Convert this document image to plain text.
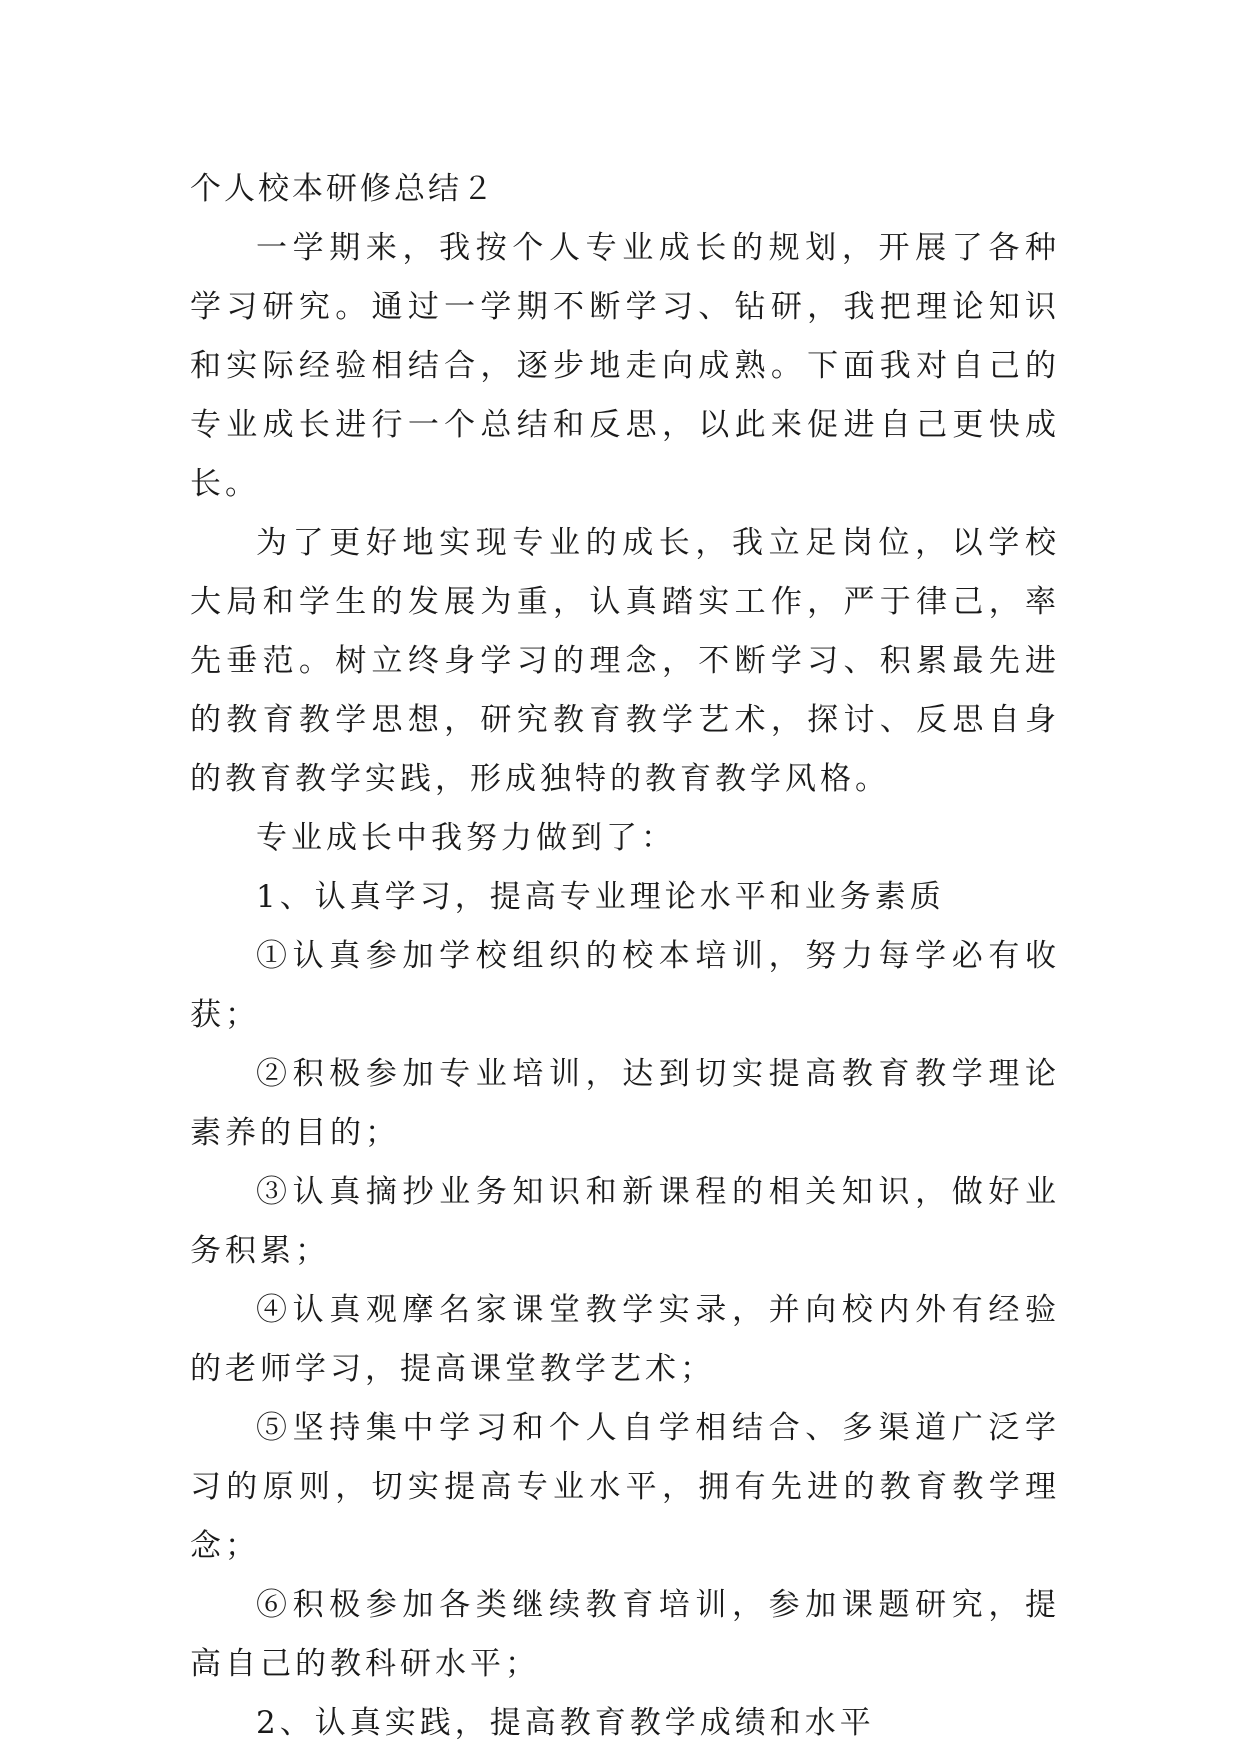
个人校本研修总结２

一学期来，我按个人专业成长的规划，开展了各种学习研究。通过一学期不断学习、钻研，我把理论知识和实际经验相结合，逐步地走向成熟。下面我对自己的专业成长进行一个总结和反思，以此来促进自己更快成长。

为了更好地实现专业的成长，我立足岗位，以学校大局和学生的发展为重，认真踏实工作，严于律己，率先垂范。树立终身学习的理念，不断学习、积累最先进的教育教学思想，研究教育教学艺术，探讨、反思自身的教育教学实践，形成独特的教育教学风格。

专业成长中我努力做到了：

1、认真学习，提高专业理论水平和业务素质

①认真参加学校组织的校本培训，努力每学必有收获；

②积极参加专业培训，达到切实提高教育教学理论素养的目的；

③认真摘抄业务知识和新课程的相关知识，做好业务积累；

④认真观摩名家课堂教学实录，并向校内外有经验的老师学习，提高课堂教学艺术；

⑤坚持集中学习和个人自学相结合、多渠道广泛学习的原则，切实提高专业水平，拥有先进的教育教学理念；

⑥积极参加各类继续教育培训，参加课题研究，提高自己的教科研水平；

2、认真实践，提高教育教学成绩和水平
